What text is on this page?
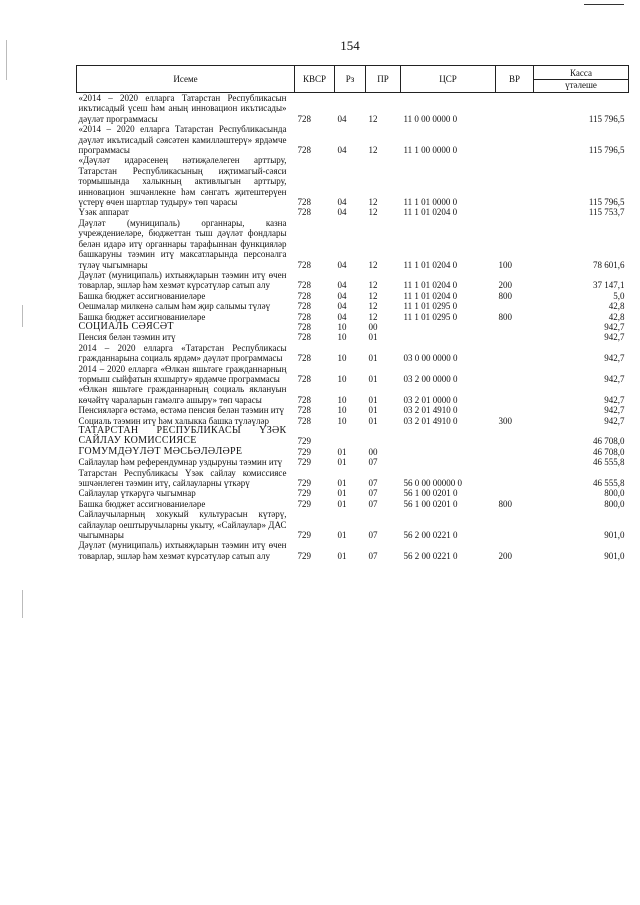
154
Исеме	КВСР	Рз	ПР	ЦСР	ВР	Касса
үтәлеше

«2014 – 2020 елларга Татарстан Республикасын икътисадый үсеш һәм аның инновацион икътисады» дәүләт программасы	728	04	12	11 0 00 0000 0		115 796,5
«2014 – 2020 елларга Татарстан Республикасында дәүләт икътисадый сәясәтен камилләштерү» ярдәмче программасы	728	04	12	11 1 00 0000 0		115 796,5
«Дәүләт идарәсенең нәтиҗәлелеген арттыру, Татарстан Республикасының иҗтимагый-сәяси тормышында халыкның активлыгын арттыру, инновацион эшчәнлекне һәм сәнгатъ җитештерүен үстерү өчен шартлар тудыру» төп чарасы	728	04	12	11 1 01 0000 0		115 796,5
Үзәк аппарат	728	04	12	11 1 01 0204 0		115 753,7
Дәүләт (муниципаль) органнары, казна учреждениеләре, бюджеттан тыш дәүләт фондлары белән идарә итү органнары тарафыннан функцияләр башкаруны тәэмин итү максатларында персоналга түләү чыгымнары	728	04	12	11 1 01 0204 0	100	78 601,6
Дәүләт (муниципаль) ихтыяҗларын тәэмин итү өчен товарлар, эшләр һәм хезмәт күрсәтүләр сатып алу	728	04	12	11 1 01 0204 0	200	37 147,1
Башка бюджет ассигнованиеләре	728	04	12	11 1 01 0204 0	800	5,0
Оешмалар милкенә салым һәм җир салымы түләү	728	04	12	11 1 01 0295 0		42,8
Башка бюджет ассигнованиеләре	728	04	12	11 1 01 0295 0	800	42,8
СОЦИАЛЬ СӘЯСӘТ	728	10	00			942,7
Пенсия белән тәэмин итү	728	10	01			942,7
2014 – 2020 елларга «Татарстан Республикасы гражданнарына социаль ярдәм» дәүләт программасы	728	10	01	03 0 00 0000 0		942,7
2014 – 2020 елларга «Өлкән яшьтәге гражданнарның тормыш сыйфатын яхшырту» ярдәмче программасы	728	10	01	03 2 00 0000 0		942,7
«Өлкән яшьтәге гражданнарның социаль яклануын көчәйтү чараларын гамәлгә ашыру» төп чарасы	728	10	01	03 2 01 0000 0		942,7
Пенсияләргә өстәмә, өстәмә пенсия белән тәэмин итү	728	10	01	03 2 01 4910 0		942,7
Социаль тәэмин итү һәм халыкка башка түләүләр	728	10	01	03 2 01 4910 0	300	942,7
ТАТАРСТАН РЕСПУБЛИКАСЫ ҮЗӘК САЙЛАУ КОМИССИЯСЕ	729					46 708,0
ГОМУМДӘҮЛӘТ МӘСЬӘЛӘЛӘРЕ	729	01	00			46 708,0
Сайлаулар һәм референдумнар уздыруны тәэмин итү	729	01	07			46 555,8
Татарстан Республикасы Үзәк сайлау комиссиясе эшчәнлеген тәэмин итү, сайлауларны үткәрү	729	01	07	56 0 00 00000 0		46 555,8
Сайлаулар үткәрүгә чыгымнар	729	01	07	56 1 00 0201 0		800,0
Башка бюджет ассигнованиеләре	729	01	07	56 1 00 0201 0	800	800,0
Сайлаучыларның хокукый культурасын күтәрү, сайлаулар оештыручыларны укыту, «Сайлаулар» ДАС чыгымнары	729	01	07	56 2 00 0221 0		901,0
Дәүләт (муниципаль) ихтыяҗларын тәэмин итү өчен товарлар, эшләр һәм хезмәт күрсәтүләр сатып алу	729	01	07	56 2 00 0221 0	200	901,0
